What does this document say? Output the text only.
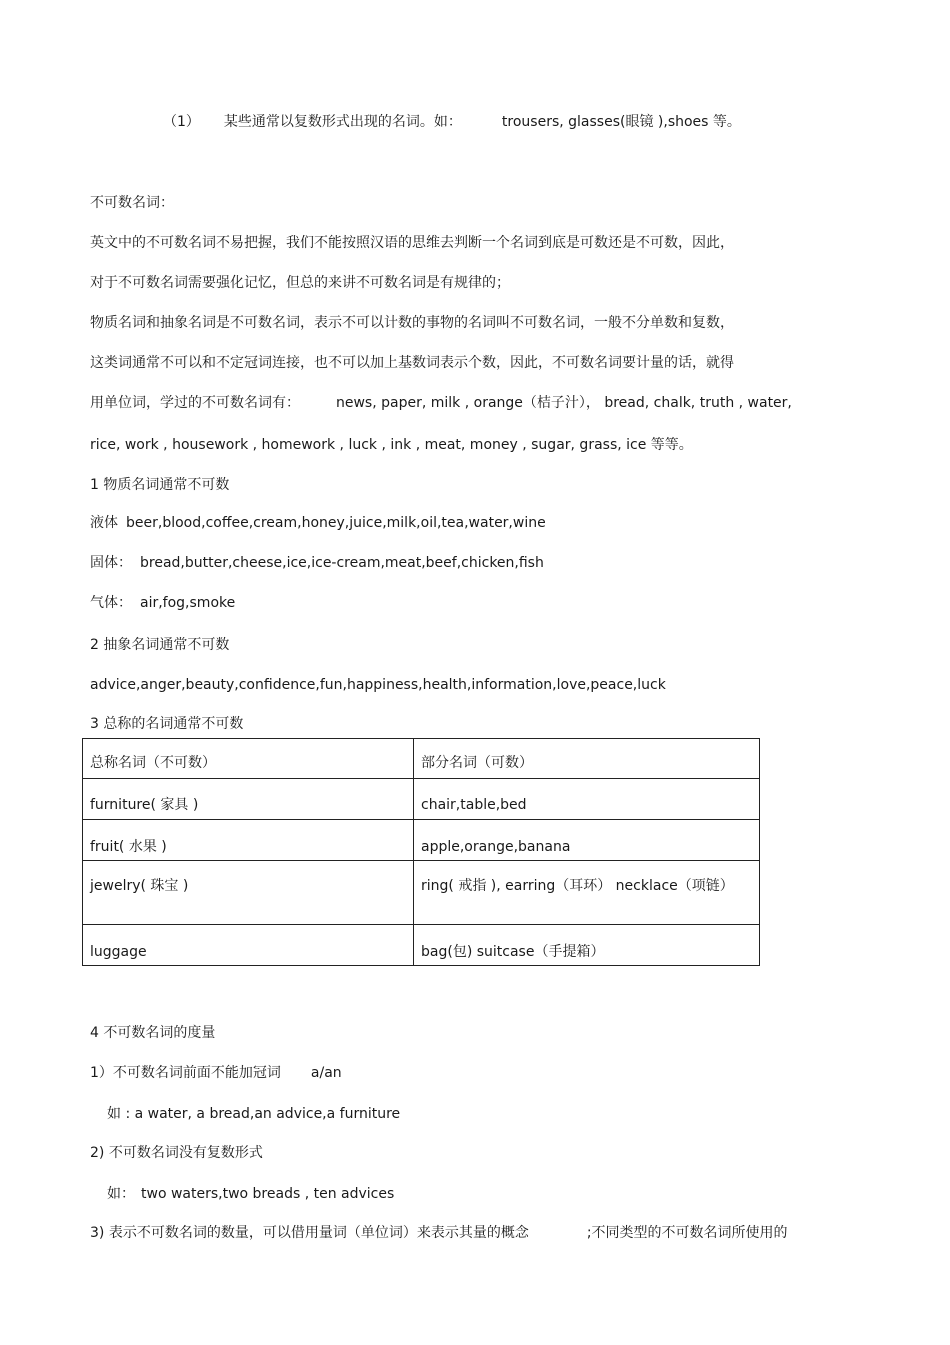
（1） 某些通常以复数形式出现的名词。如：	trousers, glasses(眼镜 ),shoes 等。
不可数名词：
英文中的不可数名词不易把握，我们不能按照汉语的思维去判断一个名词到底是可数还是不可数，因此，
对于不可数名词需要强化记忆，但总的来讲不可数名词是有规律的；
物质名词和抽象名词是不可数名词，表示不可以计数的事物的名词叫不可数名词，一般不分单数和复数，
这类词通常不可以和不定冠词连接，也不可以加上基数词表示个数，因此，不可数名词要计量的话，就得
用单位词，学过的不可数名词有：	news, paper, milk , orange（桔子汁）， bread, chalk, truth , water,
rice, work , housework , homework , luck , ink , meat, money , sugar, grass, ice 等等。
1 物质名词通常不可数
液体 beer,blood,coffee,cream,honey,juice,milk,oil,tea,water,wine
固体： bread,butter,cheese,ice,ice-cream,meat,beef,chicken,fish
气体： air,fog,smoke
2 抽象名词通常不可数
advice,anger,beauty,confidence,fun,happiness,health,information,love,peace,luck
3 总称的名词通常不可数
总称名词（不可数）	部分名词（可数）
furniture( 家具 )	chair,table,bed
fruit( 水果 )	apple,orange,banana
jewelry( 珠宝 )	ring( 戒指 ), earring（耳环） necklace（项链）
luggage	bag(包) suitcase（手提箱）
4 不可数名词的度量
1）不可数名词前面不能加冠词 a/an
如 : a water, a bread,an advice,a furniture
2) 不可数名词没有复数形式
如： two waters,two breads , ten advices
3) 表示不可数名词的数量，可以借用量词（单位词）来表示其量的概念	;不同类型的不可数名词所使用的
